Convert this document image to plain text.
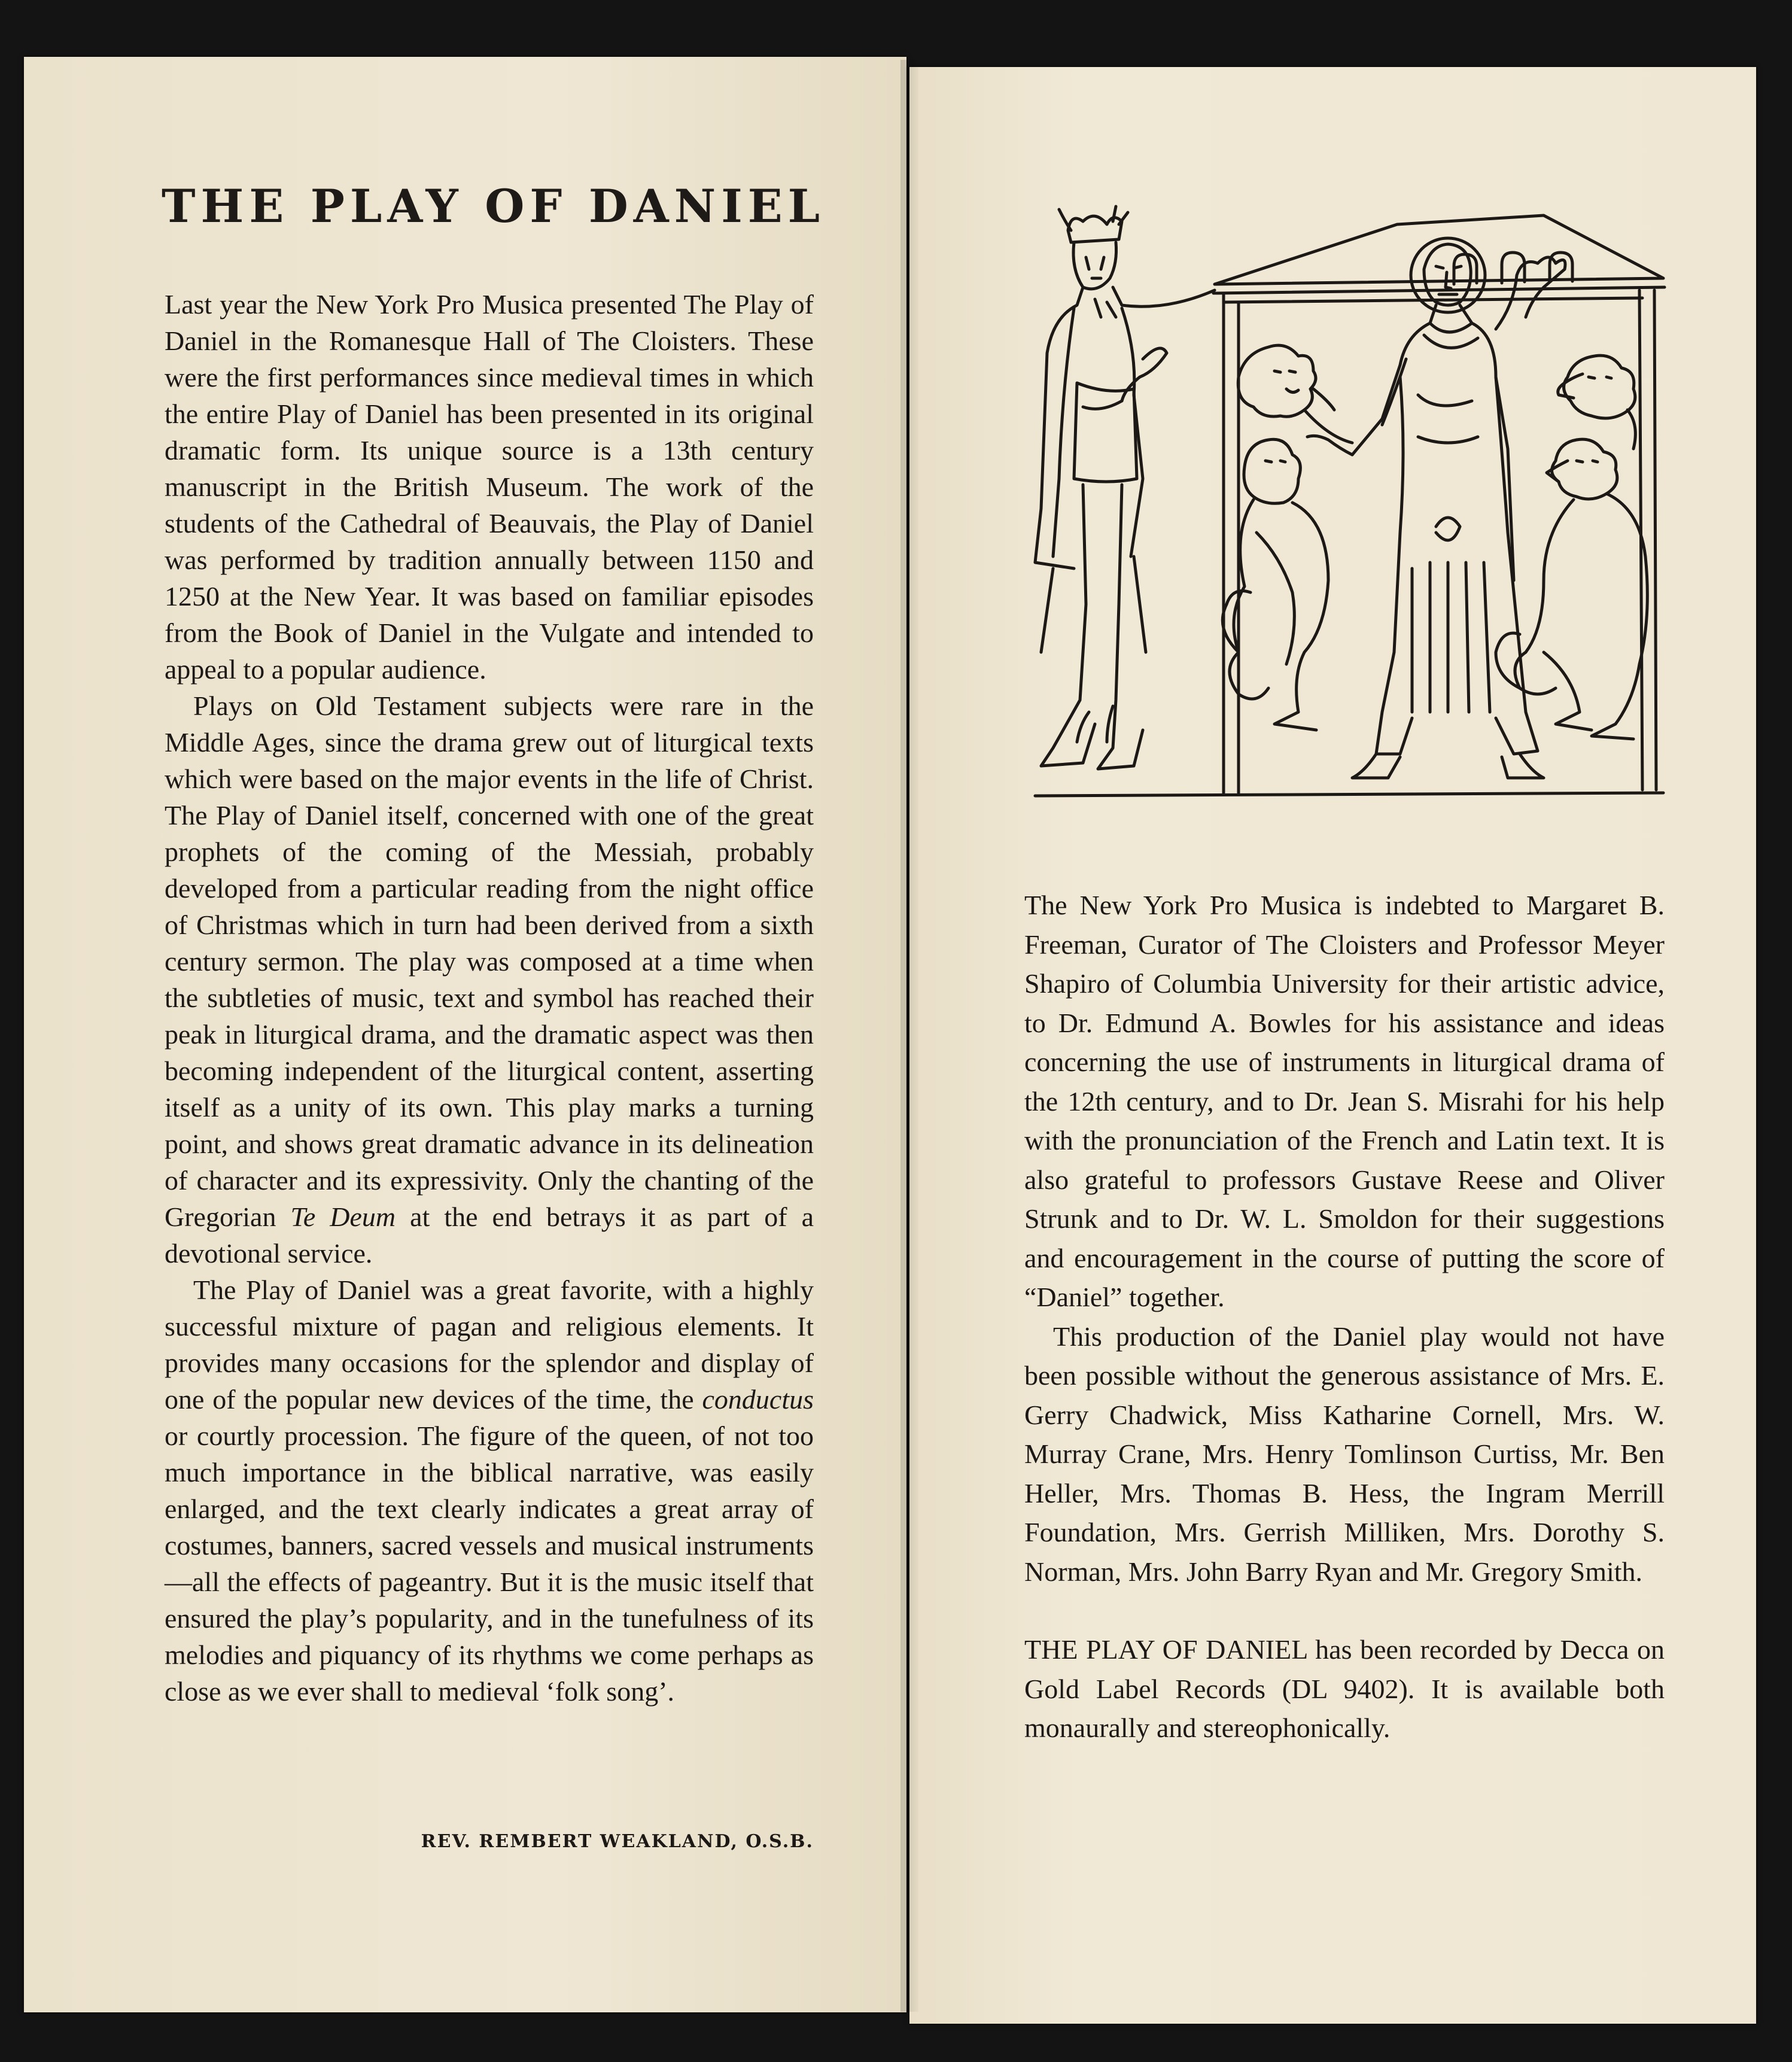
THE PLAY OF DANIEL

Last year the New York Pro Musica presented The Play of Daniel in the Romanesque Hall of The Cloisters. These were the first performances since medieval times in which the entire Play of Daniel has been presented in its original dramatic form. Its unique source is a 13th century manuscript in the British Museum. The work of the students of the Cathedral of Beauvais, the Play of Daniel was performed by tradition annually between 1150 and 1250 at the New Year. It was based on familiar episodes from the Book of Daniel in the Vulgate and intended to appeal to a popular audience.

Plays on Old Testament subjects were rare in the Middle Ages, since the drama grew out of liturgical texts which were based on the major events in the life of Christ. The Play of Daniel itself, concerned with one of the great prophets of the coming of the Messiah, probably developed from a particular reading from the night office of Christmas which in turn had been derived from a sixth century sermon. The play was composed at a time when the subtleties of music, text and symbol has reached their peak in liturgical drama, and the dramatic aspect was then becoming independent of the liturgical content, asserting itself as a unity of its own. This play marks a turning point, and shows great dramatic advance in its delineation of character and its expressivity. Only the chanting of the Gregorian Te Deum at the end betrays it as part of a devotional service.

The Play of Daniel was a great favorite, with a highly successful mixture of pagan and religious elements. It provides many occasions for the splendor and display of one of the popular new devices of the time, the conductus or courtly procession. The figure of the queen, of not too much importance in the biblical narrative, was easily enlarged, and the text clearly indicates a great array of costumes, banners, sacred vessels and musical instruments—all the effects of pageantry. But it is the music itself that ensured the play’s popularity, and in the tunefulness of its melodies and piquancy of its rhythms we come perhaps as close as we ever shall to medieval ‘folk song’.

REV. REMBERT WEAKLAND, O.S.B.

The New York Pro Musica is indebted to Margaret B. Freeman, Curator of The Cloisters and Professor Meyer Shapiro of Columbia University for their artistic advice, to Dr. Edmund A. Bowles for his assistance and ideas concerning the use of instruments in liturgical drama of the 12th century, and to Dr. Jean S. Misrahi for his help with the pronunciation of the French and Latin text. It is also grateful to professors Gustave Reese and Oliver Strunk and to Dr. W. L. Smoldon for their suggestions and encouragement in the course of putting the score of “Daniel” together.

This production of the Daniel play would not have been possible without the generous assistance of Mrs. E. Gerry Chadwick, Miss Katharine Cornell, Mrs. W. Murray Crane, Mrs. Henry Tomlinson Curtiss, Mr. Ben Heller, Mrs. Thomas B. Hess, the Ingram Merrill Foundation, Mrs. Gerrish Milliken, Mrs. Dorothy S. Norman, Mrs. John Barry Ryan and Mr. Gregory Smith.

THE PLAY OF DANIEL has been recorded by Decca on Gold Label Records (DL 9402). It is available both monaurally and stereophonically.
